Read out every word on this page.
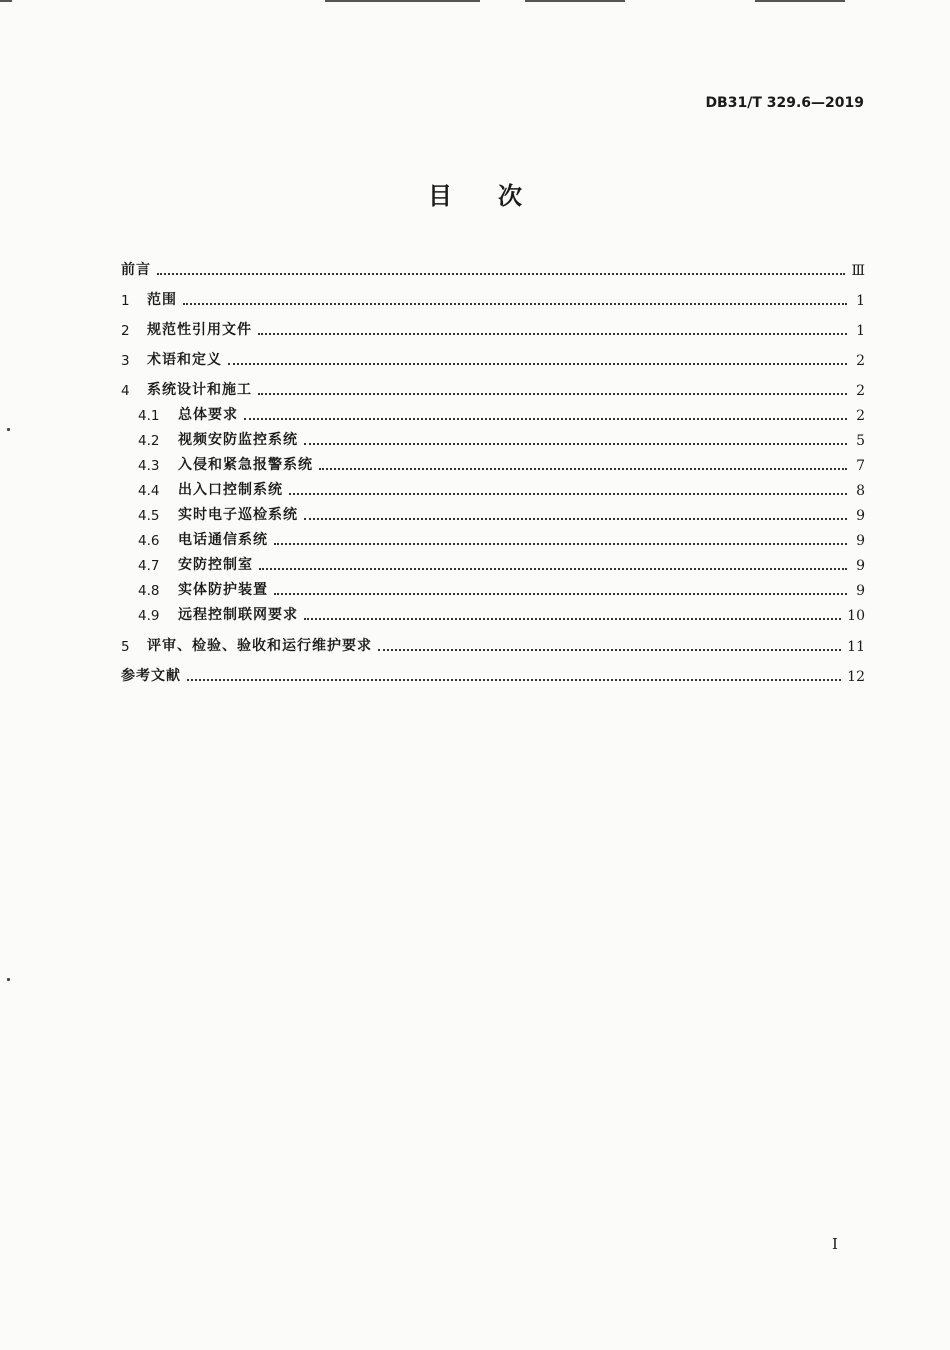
DB31/T 329.6—2019
目次
前言	Ⅲ
1	范围	1
2	规范性引用文件	1
3	术语和定义	2
4	系统设计和施工	2
4.1	总体要求	2
4.2	视频安防监控系统	5
4.3	入侵和紧急报警系统	7
4.4	出入口控制系统	8
4.5	实时电子巡检系统	9
4.6	电话通信系统	9
4.7	安防控制室	9
4.8	实体防护装置	9
4.9	远程控制联网要求	10
5	评审、检验、验收和运行维护要求	11
参考文献	12
I
